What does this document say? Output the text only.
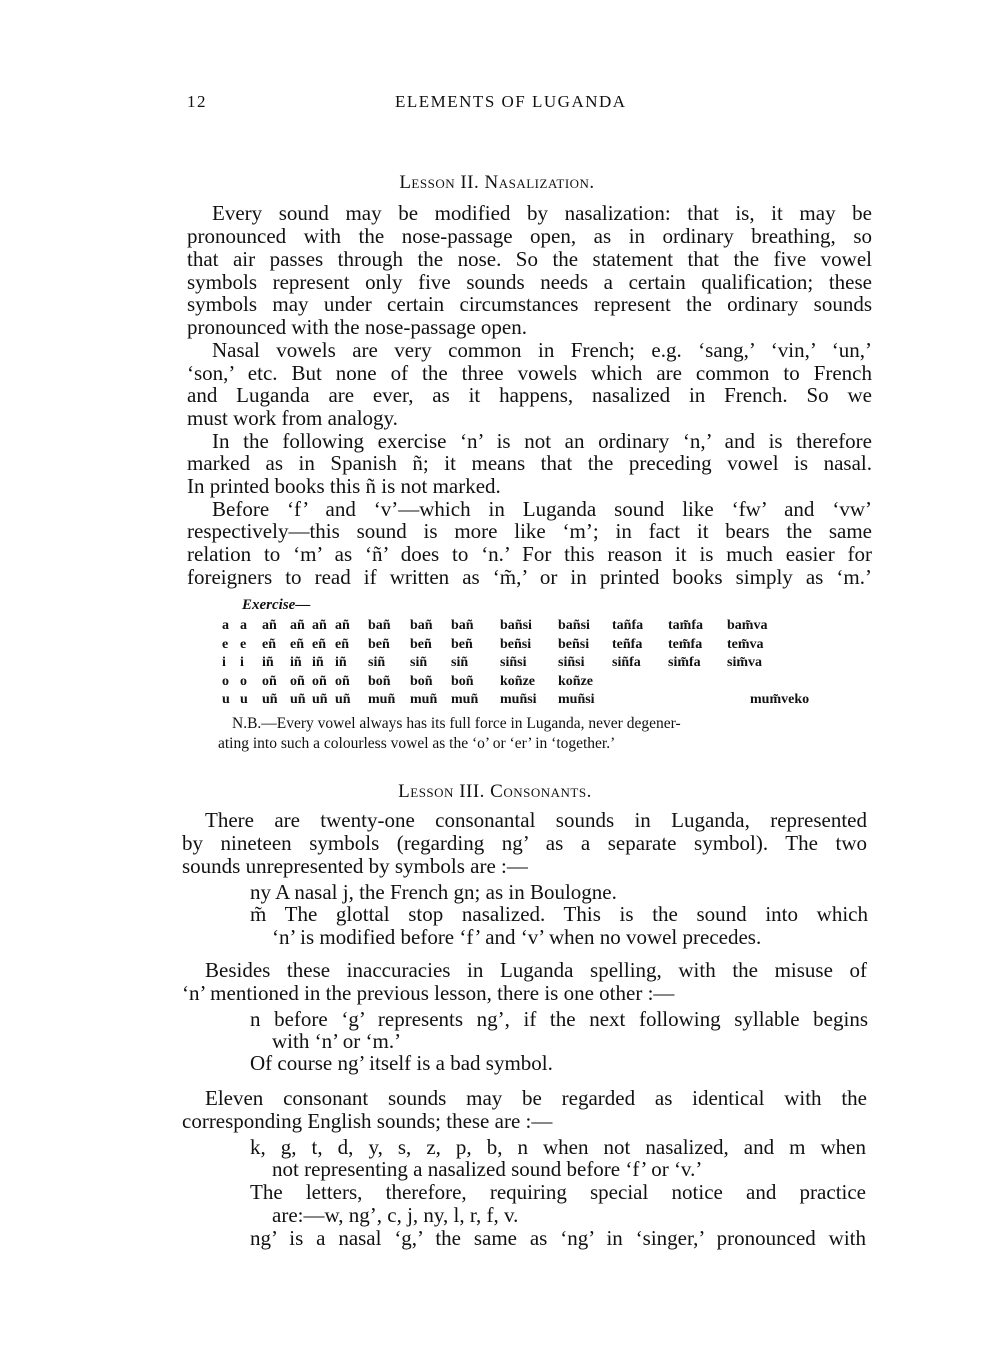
12	ELEMENTS OF LUGANDA
Lesson II. Nasalization.
Every sound may be modified by nasalization: that is, it may be
pronounced with the nose-passage open, as in ordinary breathing, so
that air passes through the nose. So the statement that the five vowel
symbols represent only five sounds needs a certain qualification; these
symbols may under certain circumstances represent the ordinary sounds
pronounced with the nose-passage open.
Nasal vowels are very common in French; e.g. ‘sang,’ ‘vin,’ ‘un,’
‘son,’ etc. But none of the three vowels which are common to French
and Luganda are ever, as it happens, nasalized in French. So we
must work from analogy.
In the following exercise ‘n’ is not an ordinary ‘n,’ and is therefore
marked as in Spanish ñ; it means that the preceding vowel is nasal.
In printed books this ñ is not marked.
Before ‘f’ and ‘v’—which in Luganda sound like ‘fw’ and ‘vw’
respectively—this sound is more like ‘m’; in fact it bears the same
relation to ‘m’ as ‘ñ’ does to ‘n.’ For this reason it is much easier for
foreigners to read if written as ‘m̃,’ or in printed books simply as ‘m.’
Exercise—
a a añ añ añ añ bañ bañ bañ bañsi bañsi tañfa tam̃fa bam̃va
e e eñ eñ eñ eñ beñ beñ beñ beñsi beñsi teñfa tem̃fa tem̃va
i i iñ iñ iñ iñ siñ siñ siñ siñsi siñsi siñfa sim̃fa sim̃va
o o oñ oñ oñ oñ boñ boñ boñ koñze koñze
u u uñ uñ uñ uñ muñ muñ muñ muñsi muñsi	mum̃veko
N.B.—Every vowel always has its full force in Luganda, never degener-
ating into such a colourless vowel as the ‘o’ or ‘er’ in ‘together.’
Lesson III. Consonants.
There are twenty-one consonantal sounds in Luganda, represented
by nineteen symbols (regarding ng’ as a separate symbol). The two
sounds unrepresented by symbols are :—
ny A nasal j, the French gn; as in Boulogne.
m̃ The glottal stop nasalized. This is the sound into which
‘n’ is modified before ‘f’ and ‘v’ when no vowel precedes.
Besides these inaccuracies in Luganda spelling, with the misuse of
‘n’ mentioned in the previous lesson, there is one other :—
n before ‘g’ represents ng’, if the next following syllable begins
with ‘n’ or ‘m.’
Of course ng’ itself is a bad symbol.
Eleven consonant sounds may be regarded as identical with the
corresponding English sounds; these are :—
k, g, t, d, y, s, z, p, b, n when not nasalized, and m when
not representing a nasalized sound before ‘f’ or ‘v.’
The letters, therefore, requiring special notice and practice
are:—w, ng’, c, j, ny, l, r, f, v.
ng’ is a nasal ‘g,’ the same as ‘ng’ in ‘singer,’ pronounced with
